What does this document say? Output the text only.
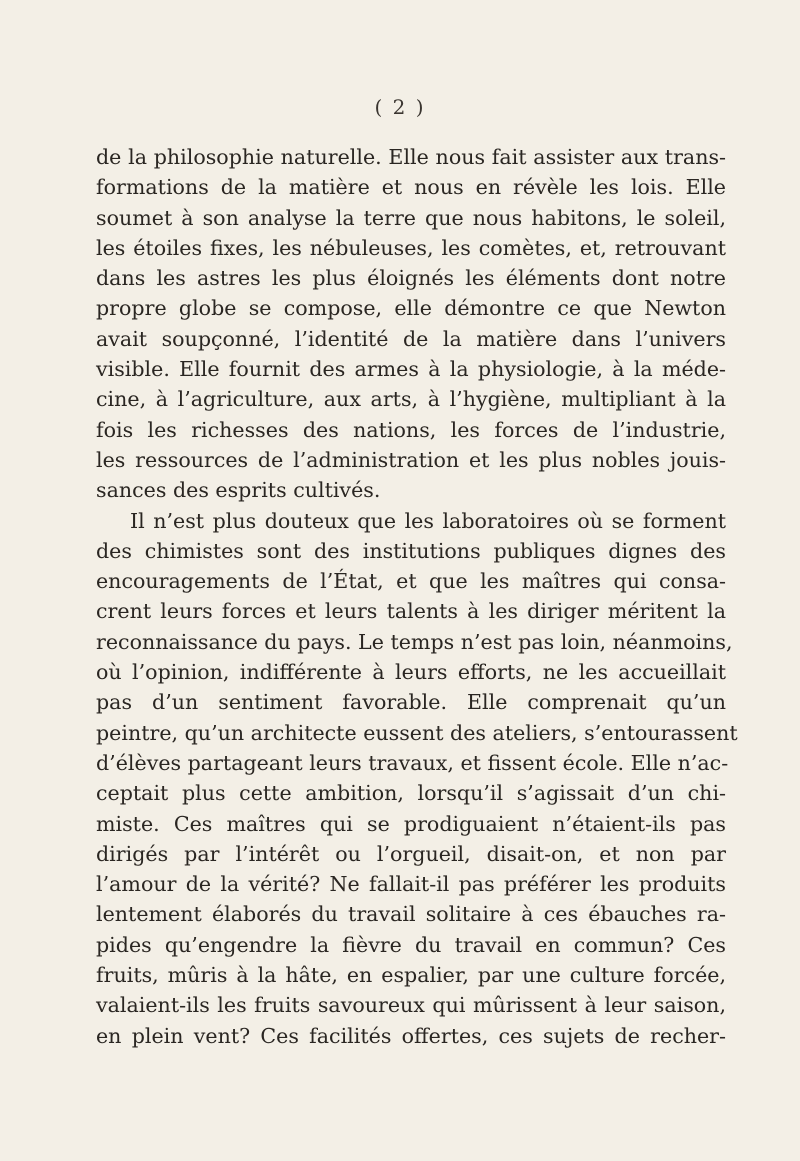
( 2 )
de la philosophie naturelle. Elle nous fait assister aux trans-
formations de la matière et nous en révèle les lois. Elle
soumet à son analyse la terre que nous habitons, le soleil,
les étoiles fixes, les nébuleuses, les comètes, et, retrouvant
dans les astres les plus éloignés les éléments dont notre
propre globe se compose, elle démontre ce que Newton
avait soupçonné, l’identité de la matière dans l’univers
visible. Elle fournit des armes à la physiologie, à la méde-
cine, à l’agriculture, aux arts, à l’hygiène, multipliant à la
fois les richesses des nations, les forces de l’industrie,
les ressources de l’administration et les plus nobles jouis-
sances des esprits cultivés.
Il n’est plus douteux que les laboratoires où se forment
des chimistes sont des institutions publiques dignes des
encouragements de l’État, et que les maîtres qui consa-
crent leurs forces et leurs talents à les diriger méritent la
reconnaissance du pays. Le temps n’est pas loin, néanmoins,
où l’opinion, indifférente à leurs efforts, ne les accueillait
pas d’un sentiment favorable. Elle comprenait qu’un
peintre, qu’un architecte eussent des ateliers, s’entourassent
d’élèves partageant leurs travaux, et fissent école. Elle n’ac-
ceptait plus cette ambition, lorsqu’il s’agissait d’un chi-
miste. Ces maîtres qui se prodiguaient n’étaient-ils pas
dirigés par l’intérêt ou l’orgueil, disait-on, et non par
l’amour de la vérité? Ne fallait-il pas préférer les produits
lentement élaborés du travail solitaire à ces ébauches ra-
pides qu’engendre la fièvre du travail en commun? Ces
fruits, mûris à la hâte, en espalier, par une culture forcée,
valaient-ils les fruits savoureux qui mûrissent à leur saison,
en plein vent? Ces facilités offertes, ces sujets de recher-
